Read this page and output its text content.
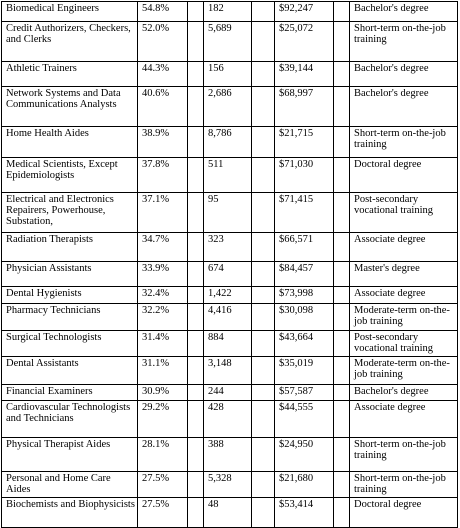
Biomedical Engineers	54.8%		182		$92,247		Bachelor's degree
Credit Authorizers, Checkers, and Clerks	52.0%		5,689		$25,072		Short-term on-the-job training
Athletic Trainers	44.3%		156		$39,144		Bachelor's degree
Network Systems and Data Communications Analysts	40.6%		2,686		$68,997		Bachelor's degree
Home Health Aides	38.9%		8,786		$21,715		Short-term on-the-job training
Medical Scientists, Except Epidemiologists	37.8%		511		$71,030		Doctoral degree
Electrical and Electronics Repairers, Powerhouse, Substation,	37.1%		95		$71,415		Post-secondary vocational training
Radiation Therapists	34.7%		323		$66,571		Associate degree
Physician Assistants	33.9%		674		$84,457		Master's degree
Dental Hygienists	32.4%		1,422		$73,998		Associate degree
Pharmacy Technicians	32.2%		4,416		$30,098		Moderate-term on-the-job training
Surgical Technologists	31.4%		884		$43,664		Post-secondary vocational training
Dental Assistants	31.1%		3,148		$35,019		Moderate-term on-the-job training
Financial Examiners	30.9%		244		$57,587		Bachelor's degree
Cardiovascular Technologists and Technicians	29.2%		428		$44,555		Associate degree
Physical Therapist Aides	28.1%		388		$24,950		Short-term on-the-job training
Personal and Home Care Aides	27.5%		5,328		$21,680		Short-term on-the-job training
Biochemists and Biophysicists	27.5%		48		$53,414		Doctoral degree
